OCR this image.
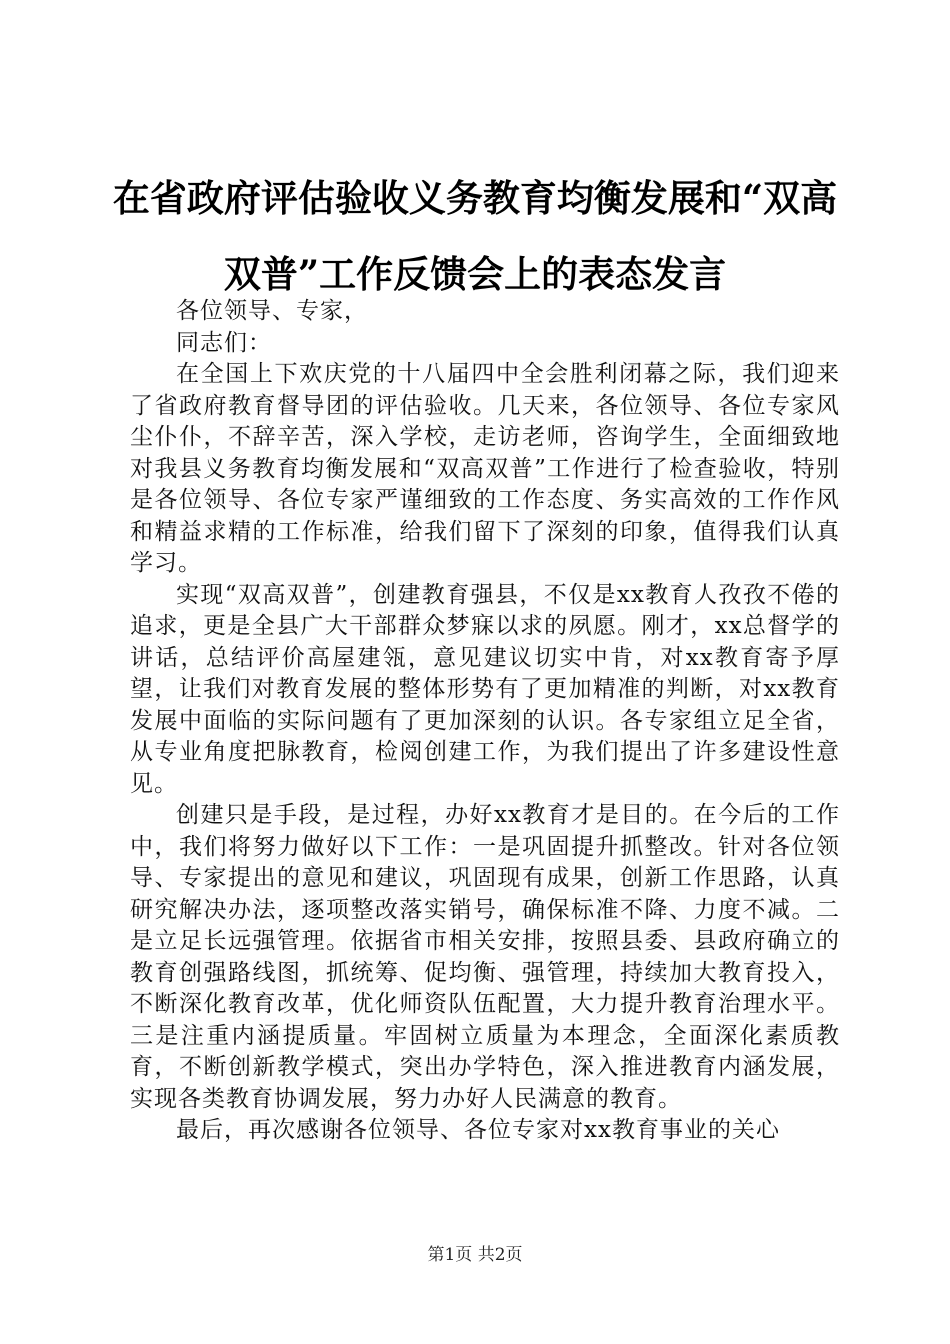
在省政府评估验收义务教育均衡发展和“双高双普”工作反馈会上的表态发言

各位领导、专家，

同志们：

在全国上下欢庆党的十八届四中全会胜利闭幕之际，我们迎来了省政府教育督导团的评估验收。几天来，各位领导、各位专家风尘仆仆，不辞辛苦，深入学校，走访老师，咨询学生，全面细致地对我县义务教育均衡发展和“双高双普”工作进行了检查验收，特别是各位领导、各位专家严谨细致的工作态度、务实高效的工作作风和精益求精的工作标准，给我们留下了深刻的印象，值得我们认真学习。

实现“双高双普”，创建教育强县，不仅是xx教育人孜孜不倦的追求，更是全县广大干部群众梦寐以求的夙愿。刚才，xx总督学的讲话，总结评价高屋建瓴，意见建议切实中肯，对xx教育寄予厚望，让我们对教育发展的整体形势有了更加精准的判断，对xx教育发展中面临的实际问题有了更加深刻的认识。各专家组立足全省，从专业角度把脉教育，检阅创建工作，为我们提出了许多建设性意见。

创建只是手段，是过程，办好xx教育才是目的。在今后的工作中，我们将努力做好以下工作：一是巩固提升抓整改。针对各位领导、专家提出的意见和建议，巩固现有成果，创新工作思路，认真研究解决办法，逐项整改落实销号，确保标准不降、力度不减。二是立足长远强管理。依据省市相关安排，按照县委、县政府确立的教育创强路线图，抓统筹、促均衡、强管理，持续加大教育投入，不断深化教育改革，优化师资队伍配置，大力提升教育治理水平。三是注重内涵提质量。牢固树立质量为本理念，全面深化素质教育，不断创新教学模式，突出办学特色，深入推进教育内涵发展，实现各类教育协调发展，努力办好人民满意的教育。

最后，再次感谢各位领导、各位专家对xx教育事业的关心

第1页 共2页
